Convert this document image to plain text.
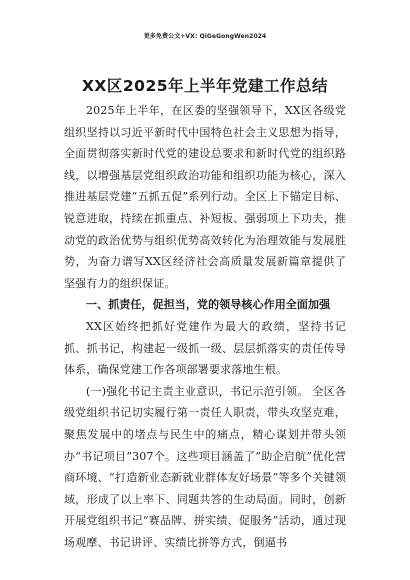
更多免费公文+VX: QiGeGongWen2024
XX区2025年上半年党建工作总结

2025年上半年，在区委的坚强领导下，XX区各级党组织坚持以习近平新时代中国特色社会主义思想为指导，全面贯彻落实新时代党的建设总要求和新时代党的组织路线，以增强基层党组织政治功能和组织功能为核心，深入推进基层党建“五抓五促”系列行动。全区上下锚定目标、锐意进取，持续在抓重点、补短板、强弱项上下功夫，推动党的政治优势与组织优势高效转化为治理效能与发展胜势，为奋力谱写XX区经济社会高质量发展新篇章提供了坚强有力的组织保证。

一、抓责任，促担当，党的领导核心作用全面加强

XX区始终把抓好党建作为最大的政绩，坚持书记抓、抓书记，构建起一级抓一级、层层抓落实的责任传导体系，确保党建工作各项部署要求落地生根。

(一)强化书记主责主业意识，书记示范引领。 全区各级党组织书记切实履行第一责任人职责，带头攻坚克难，聚焦发展中的堵点与民生中的痛点，精心谋划并带头领办“书记项目”307个。这些项目涵盖了“助企启航”优化营商环境、“打造新业态新就业群体友好场景”等多个关键领域，形成了以上率下、同题共答的生动局面。同时，创新开展党组织书记“赛品牌、拼实绩、促服务”活动，通过现场观摩、书记讲评、实绩比拼等方式，倒逼书
